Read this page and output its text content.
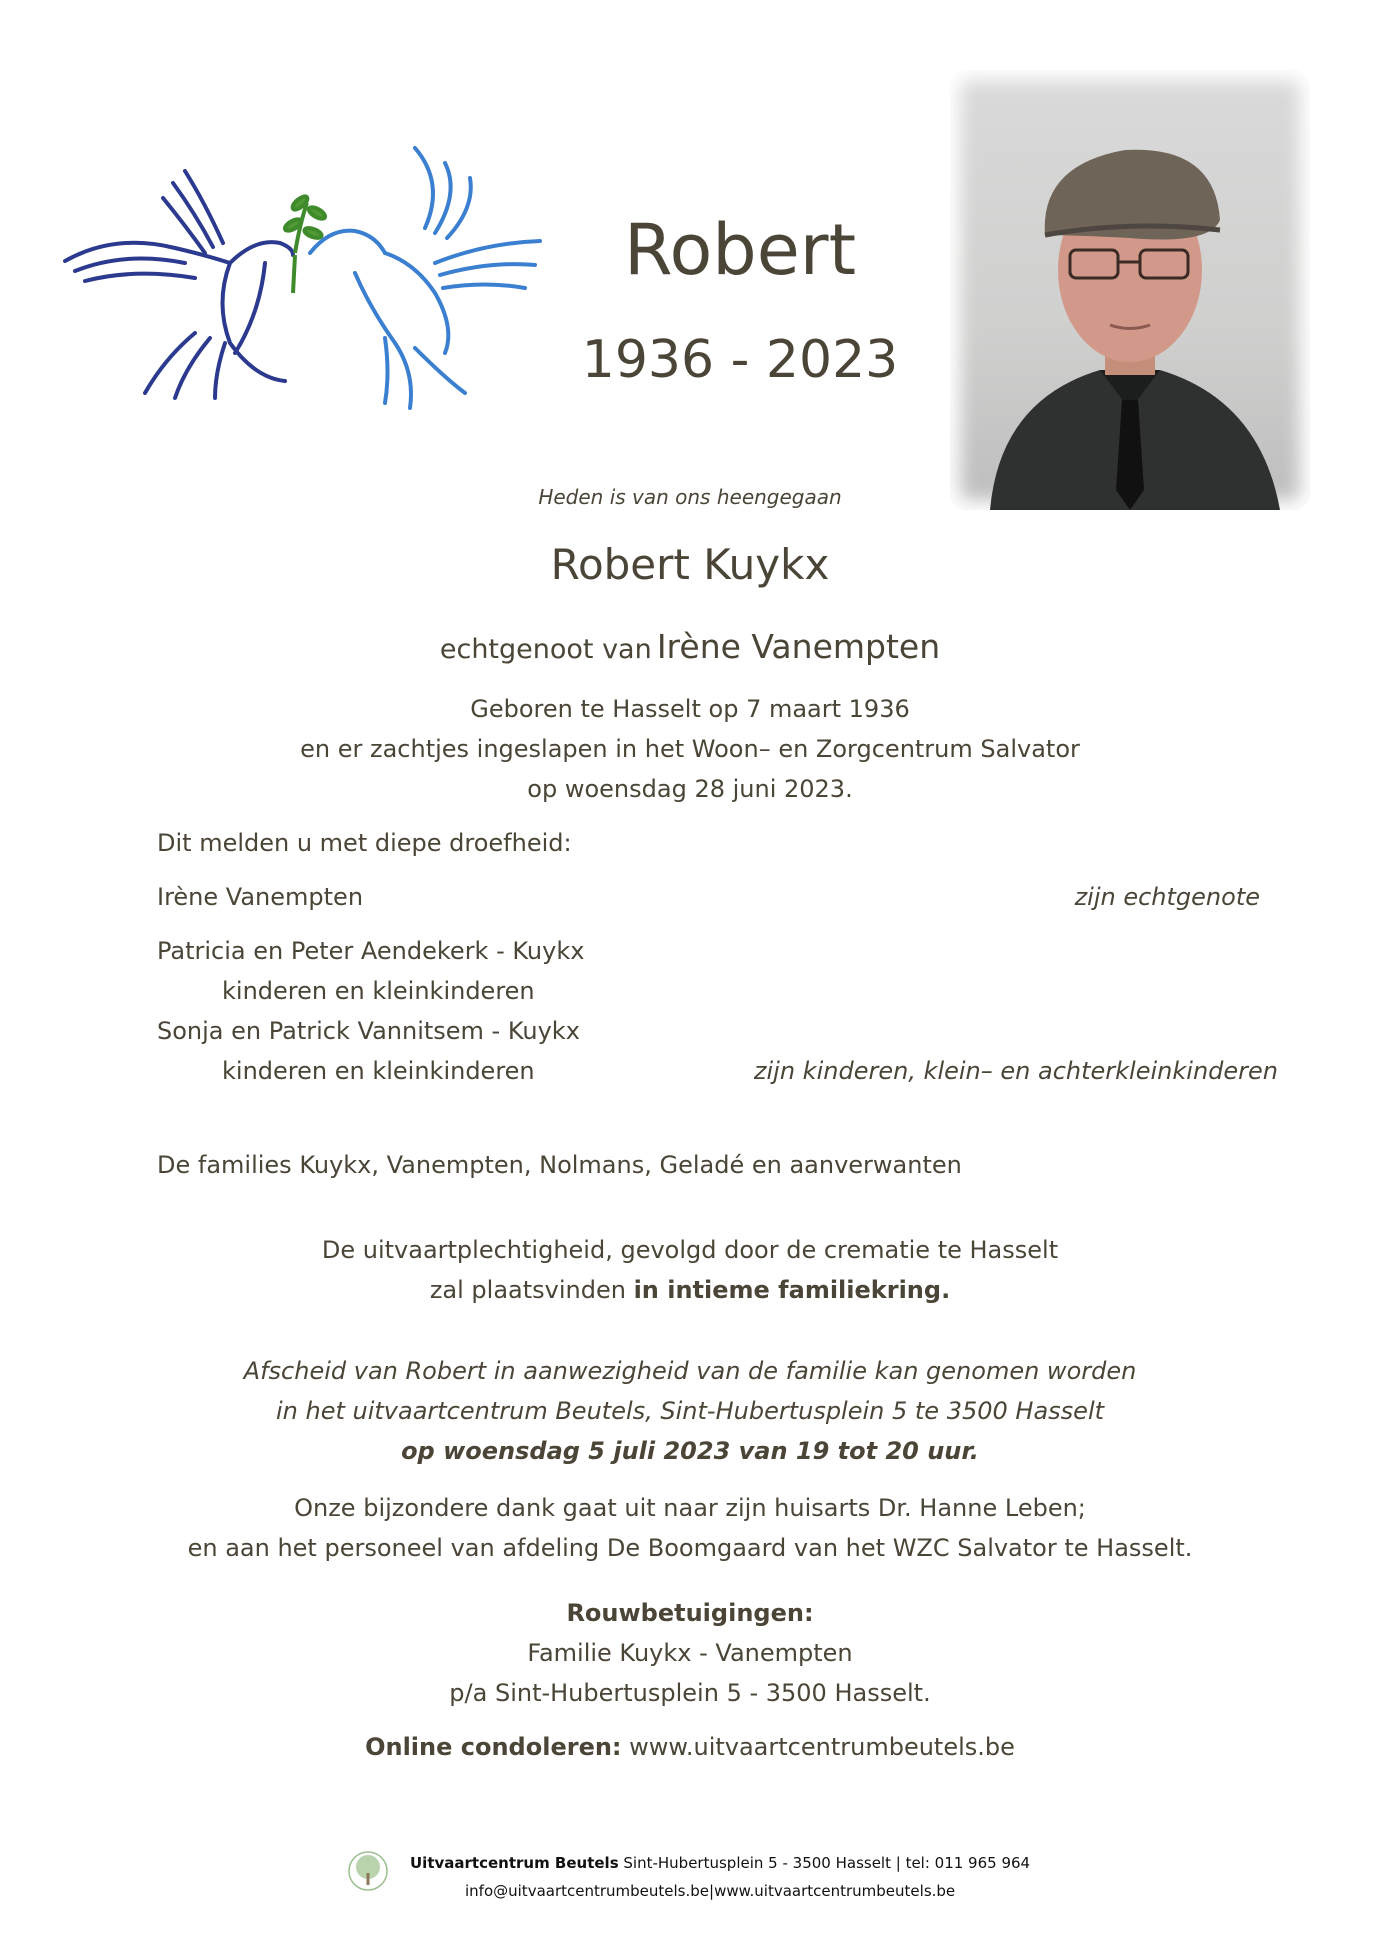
Robert
1936 - 2023
Heden is van ons heengegaan
Robert Kuykx
echtgenoot van Irène Vanempten
Geboren te Hasselt op 7 maart 1936
en er zachtjes ingeslapen in het Woon– en Zorgcentrum Salvator
op woensdag 28 juni 2023.
Dit melden u met diepe droefheid:
Irène Vanempten	zijn echtgenote
Patricia en Peter Aendekerk - Kuykx
kinderen en kleinkinderen
Sonja en Patrick Vannitsem - Kuykx
kinderen en kleinkinderen	zijn kinderen, klein– en achterkleinkinderen
De families Kuykx, Vanempten, Nolmans, Geladé en aanverwanten
De uitvaartplechtigheid, gevolgd door de crematie te Hasselt
zal plaatsvinden in intieme familiekring.
Afscheid van Robert in aanwezigheid van de familie kan genomen worden
in het uitvaartcentrum Beutels, Sint-Hubertusplein 5 te 3500 Hasselt
op woensdag 5 juli 2023 van 19 tot 20 uur.
Onze bijzondere dank gaat uit naar zijn huisarts Dr. Hanne Leben;
en aan het personeel van afdeling De Boomgaard van het WZC Salvator te Hasselt.
Rouwbetuigingen:
Familie Kuykx - Vanempten
p/a Sint-Hubertusplein 5 - 3500 Hasselt.
Online condoleren: www.uitvaartcentrumbeutels.be
Uitvaartcentrum Beutels Sint-Hubertusplein 5 - 3500 Hasselt | tel: 011 965 964
info@uitvaartcentrumbeutels.be|www.uitvaartcentrumbeutels.be
